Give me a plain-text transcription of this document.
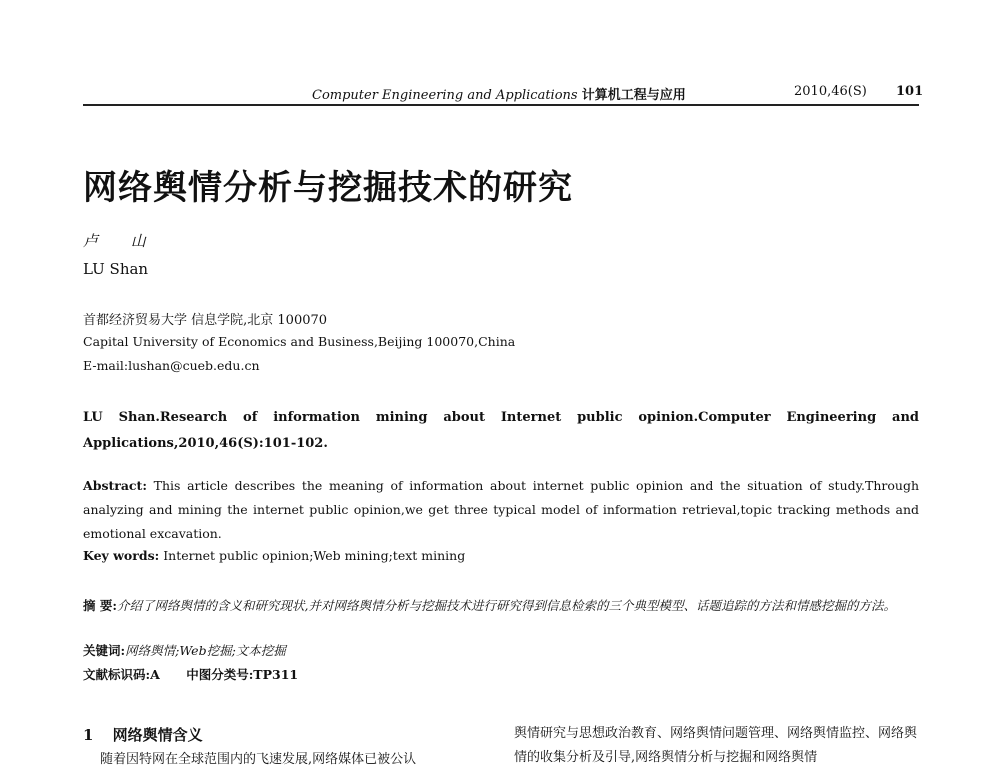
Computer Engineering and Applications 计算机工程与应用	2010,46(S) 101
网络舆情分析与挖掘技术的研究
卢 山
LU Shan
首都经济贸易大学 信息学院,北京 100070
Capital University of Economics and Business,Beijing 100070,China
E-mail:lushan@cueb.edu.cn
LU Shan.Research of information mining about Internet public opinion.Computer Engineering and Applications,2010,46(S):101-102.
Abstract: This article describes the meaning of information about internet public opinion and the situation of study.Through analyzing and mining the internet public opinion,we get three typical model of information retrieval,topic tracking methods and emotional excavation.
Key words: Internet public opinion;Web mining;text mining
摘 要:介绍了网络舆情的含义和研究现状,并对网络舆情分析与挖掘技术进行研究得到信息检索的三个典型模型、话题追踪的方法和情感挖掘的方法。
关键词:网络舆情;Web挖掘;文本挖掘
文献标识码:A 中图分类号:TP311
1 网络舆情含义
随着因特网在全球范围内的飞速发展,网络媒体已被公认
舆情研究与思想政治教育、网络舆情问题管理、网络舆情监控、网络舆情的收集分析及引导,网络舆情分析与挖掘和网络舆情
